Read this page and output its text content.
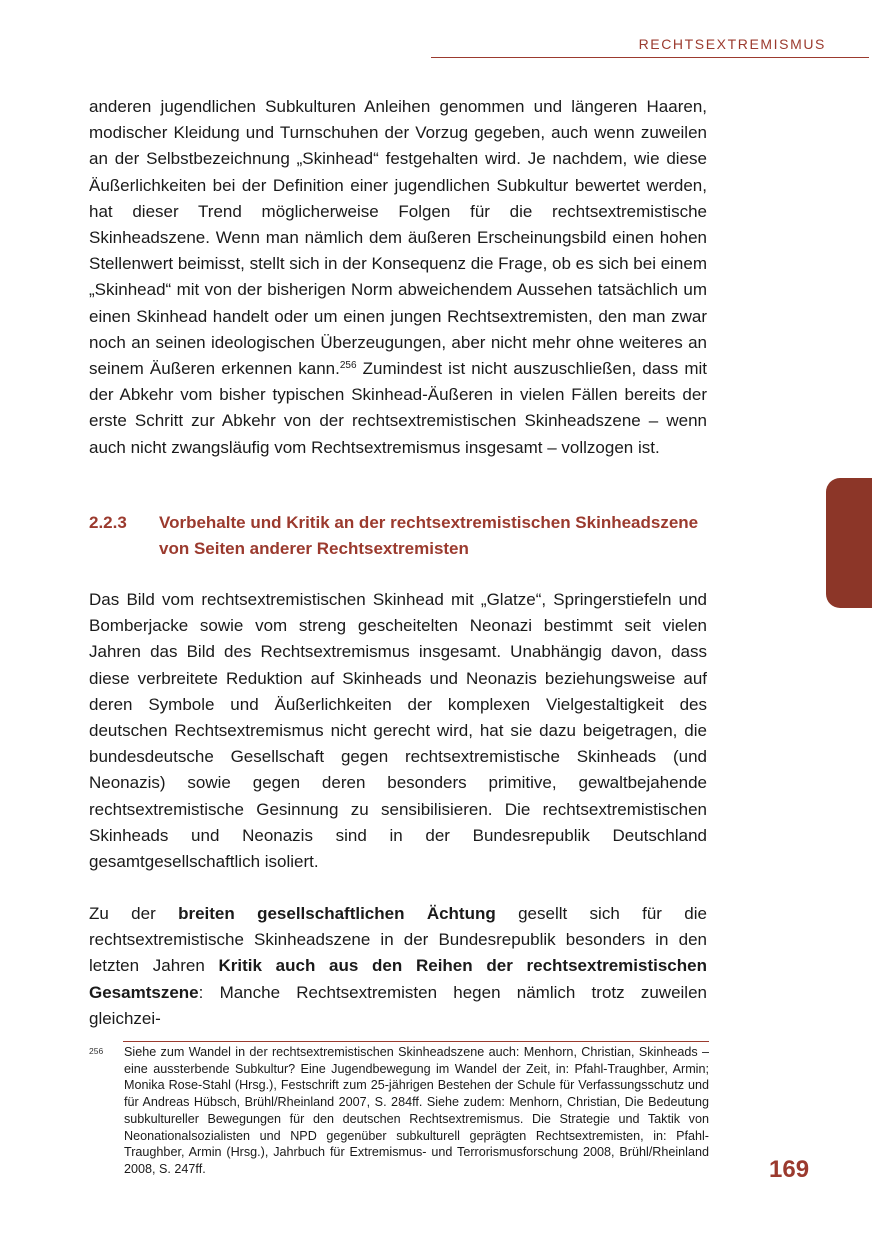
RECHTSEXTREMISMUS

anderen jugendlichen Subkulturen Anleihen genommen und längeren Haaren, modischer Kleidung und Turnschuhen der Vorzug gegeben, auch wenn zuweilen an der Selbstbezeichnung „Skinhead“ festgehalten wird. Je nachdem, wie diese Äußerlichkeiten bei der Definition einer jugendlichen Subkultur bewertet werden, hat dieser Trend möglicherweise Folgen für die rechtsextremistische Skinheadszene. Wenn man nämlich dem äußeren Erscheinungsbild einen hohen Stellenwert beimisst, stellt sich in der Konsequenz die Frage, ob es sich bei einem „Skinhead“ mit von der bisherigen Norm abweichendem Aussehen tatsächlich um einen Skinhead handelt oder um einen jungen Rechtsextremisten, den man zwar noch an seinen ideologischen Überzeugungen, aber nicht mehr ohne weiteres an seinem Äußeren erkennen kann.$^{256}$ Zumindest ist nicht auszuschließen, dass mit der Abkehr vom bisher typischen Skinhead-Äußeren in vielen Fällen bereits der erste Schritt zur Abkehr von der rechtsextremistischen Skinheadszene – wenn auch nicht zwangsläufig vom Rechtsextremismus insgesamt – vollzogen ist.

2.2.3 Vorbehalte und Kritik an der rechtsextremistischen Skinheadszene von Seiten anderer Rechtsextremisten

Das Bild vom rechtsextremistischen Skinhead mit „Glatze“, Springerstiefeln und Bomberjacke sowie vom streng gescheitelten Neonazi bestimmt seit vielen Jahren das Bild des Rechtsextremismus insgesamt. Unabhängig davon, dass diese verbreitete Reduktion auf Skinheads und Neonazis beziehungsweise auf deren Symbole und Äußerlichkeiten der komplexen Vielgestaltigkeit des deutschen Rechtsextremismus nicht gerecht wird, hat sie dazu beigetragen, die bundesdeutsche Gesellschaft gegen rechtsextremistische Skinheads (und Neonazis) sowie gegen deren besonders primitive, gewaltbejahende rechtsextremistische Gesinnung zu sensibilisieren. Die rechtsextremistischen Skinheads und Neonazis sind in der Bundesrepublik Deutschland gesamtgesellschaftlich isoliert.

Zu der breiten gesellschaftlichen Ächtung gesellt sich für die rechtsextremistische Skinheadszene in der Bundesrepublik besonders in den letzten Jahren Kritik auch aus den Reihen der rechtsextremistischen Gesamtszene: Manche Rechtsextremisten hegen nämlich trotz zuweilen gleichzei-

256 Siehe zum Wandel in der rechtsextremistischen Skinheadszene auch: Menhorn, Christian, Skinheads – eine aussterbende Subkultur? Eine Jugendbewegung im Wandel der Zeit, in: Pfahl-Traughber, Armin; Monika Rose-Stahl (Hrsg.), Festschrift zum 25-jährigen Bestehen der Schule für Verfassungsschutz und für Andreas Hübsch, Brühl/Rheinland 2007, S. 284ff. Siehe zudem: Menhorn, Christian, Die Bedeutung subkultureller Bewegungen für den deutschen Rechtsextremismus. Die Strategie und Taktik von Neonationalsozialisten und NPD gegenüber subkulturell geprägten Rechtsextremisten, in: Pfahl-Traughber, Armin (Hrsg.), Jahrbuch für Extremismus- und Terrorismusforschung 2008, Brühl/Rheinland 2008, S. 247ff.	169
